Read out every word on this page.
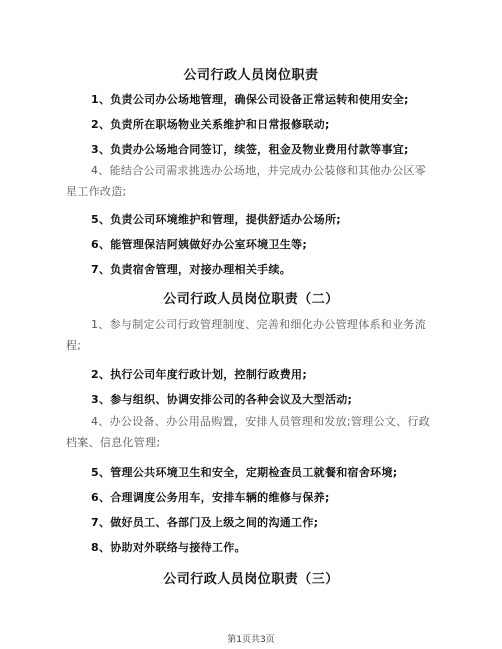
公司行政人员岗位职责

1、负责公司办公场地管理，确保公司设备正常运转和使用安全;

2、负责所在职场物业关系维护和日常报修联动;

3、负责办公场地合同签订，续签，租金及物业费用付款等事宜;

4、能结合公司需求挑选办公场地，并完成办公装修和其他办公区零星工作改造;

5、负责公司环境维护和管理，提供舒适办公场所;

6、能管理保洁阿姨做好办公室环境卫生等;

7、负责宿舍管理，对接办理相关手续。

公司行政人员岗位职责（二）

1、参与制定公司行政管理制度、完善和细化办公管理体系和业务流程;

2、执行公司年度行政计划，控制行政费用;

3、参与组织、协调安排公司的各种会议及大型活动;

4、办公设备、办公用品购置，安排人员管理和发放;管理公文、行政档案、信息化管理;

5、管理公共环境卫生和安全，定期检查员工就餐和宿舍环境;

6、合理调度公务用车，安排车辆的维修与保养;

7、做好员工、各部门及上级之间的沟通工作;

8、协助对外联络与接待工作。

公司行政人员岗位职责（三）

第1页共3页
